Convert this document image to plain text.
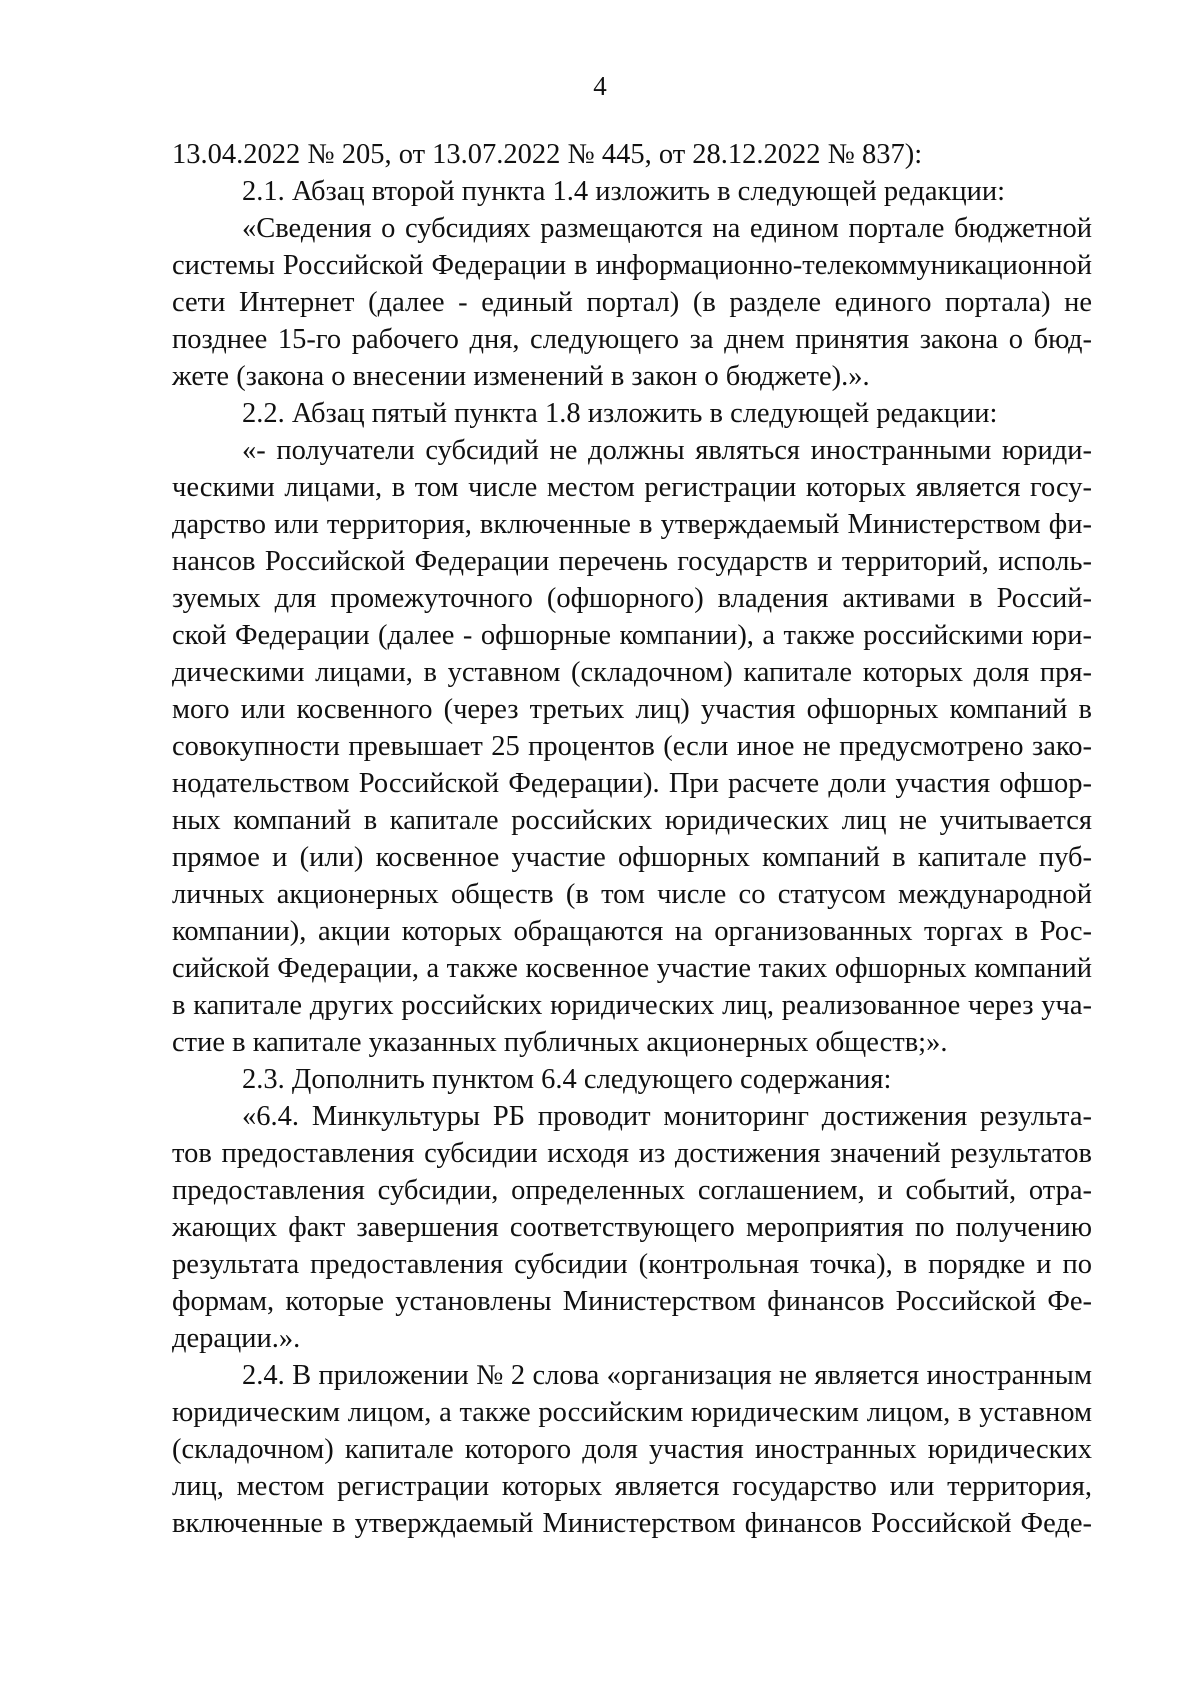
4
13.04.2022 № 205, от 13.07.2022 № 445, от 28.12.2022 № 837):
2.1. Абзац второй пункта 1.4 изложить в следующей редакции:
«Сведения о субсидиях размещаются на едином портале бюджетной
системы Российской Федерации в информационно-телекоммуникационной
сети Интернет (далее - единый портал) (в разделе единого портала) не
позднее 15-го рабочего дня, следующего за днем принятия закона о бюд-
жете (закона о внесении изменений в закон о бюджете).».
2.2. Абзац пятый пункта 1.8 изложить в следующей редакции:
«- получатели субсидий не должны являться иностранными юриди-
ческими лицами, в том числе местом регистрации которых является госу-
дарство или территория, включенные в утверждаемый Министерством фи-
нансов Российской Федерации перечень государств и территорий, исполь-
зуемых для промежуточного (офшорного) владения активами в Россий-
ской Федерации (далее - офшорные компании), а также российскими юри-
дическими лицами, в уставном (складочном) капитале которых доля пря-
мого или косвенного (через третьих лиц) участия офшорных компаний в
совокупности превышает 25 процентов (если иное не предусмотрено зако-
нодательством Российской Федерации). При расчете доли участия офшор-
ных компаний в капитале российских юридических лиц не учитывается
прямое и (или) косвенное участие офшорных компаний в капитале пуб-
личных акционерных обществ (в том числе со статусом международной
компании), акции которых обращаются на организованных торгах в Рос-
сийской Федерации, а также косвенное участие таких офшорных компаний
в капитале других российских юридических лиц, реализованное через уча-
стие в капитале указанных публичных акционерных обществ;».
2.3. Дополнить пунктом 6.4 следующего содержания:
«6.4. Минкультуры РБ проводит мониторинг достижения результа-
тов предоставления субсидии исходя из достижения значений результатов
предоставления субсидии, определенных соглашением, и событий, отра-
жающих факт завершения соответствующего мероприятия по получению
результата предоставления субсидии (контрольная точка), в порядке и по
формам, которые установлены Министерством финансов Российской Фе-
дерации.».
2.4. В приложении № 2 слова «организация не является иностранным
юридическим лицом, а также российским юридическим лицом, в уставном
(складочном) капитале которого доля участия иностранных юридических
лиц, местом регистрации которых является государство или территория,
включенные в утверждаемый Министерством финансов Российской Феде-
